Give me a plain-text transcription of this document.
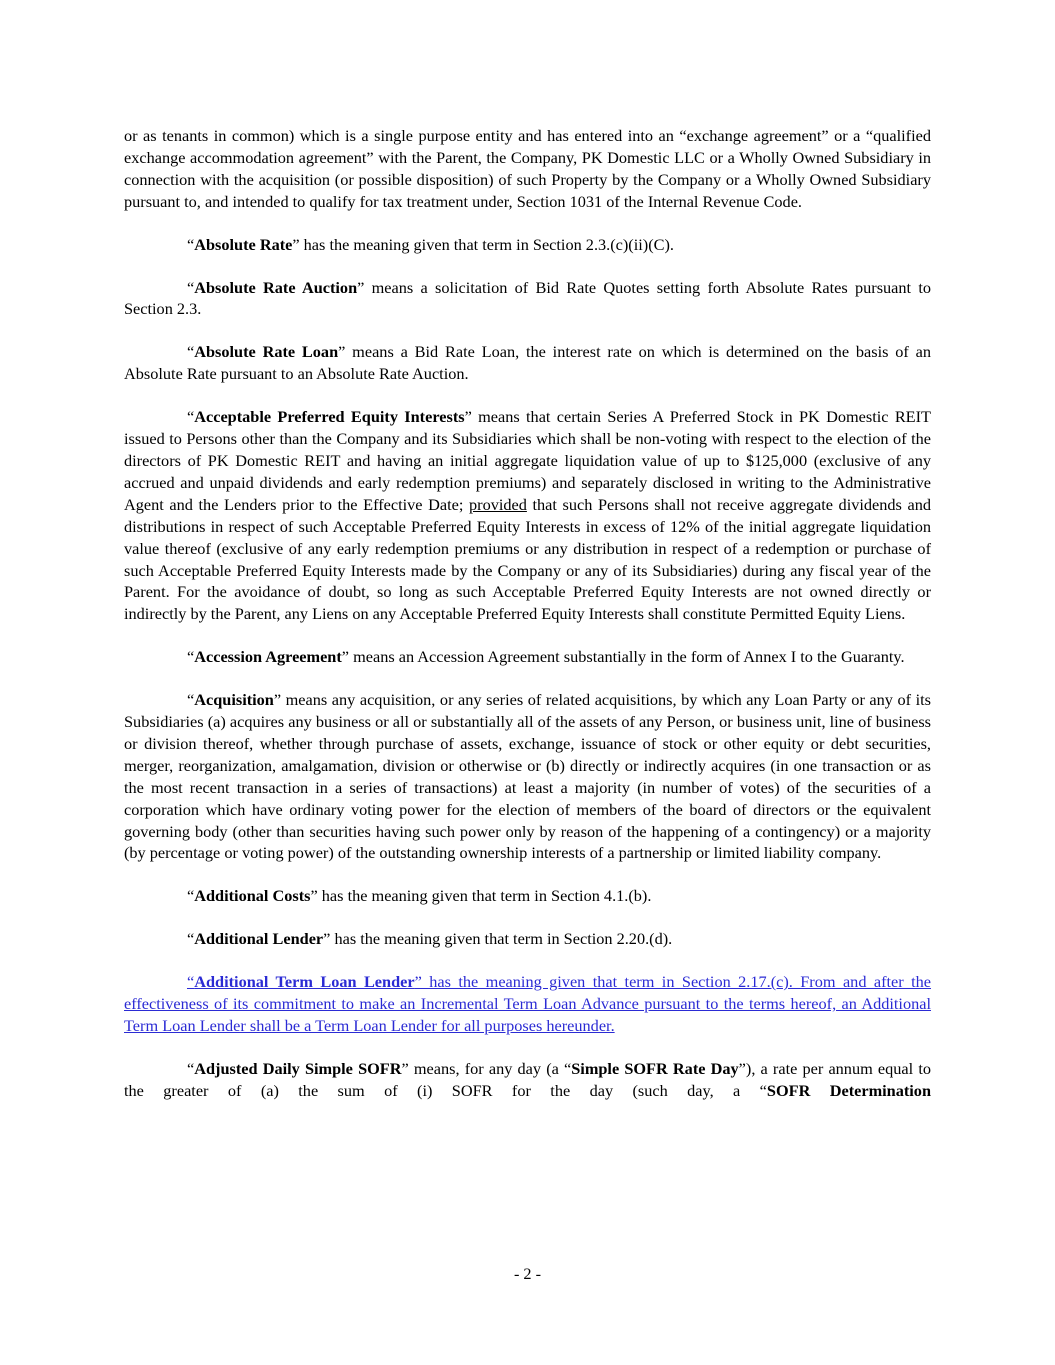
or as tenants in common) which is a single purpose entity and has entered into an “exchange agreement” or a “qualified exchange accommodation agreement” with the Parent, the Company, PK Domestic LLC or a Wholly Owned Subsidiary in connection with the acquisition (or possible disposition) of such Property by the Company or a Wholly Owned Subsidiary pursuant to, and intended to qualify for tax treatment under, Section 1031 of the Internal Revenue Code.

“Absolute Rate” has the meaning given that term in Section 2.3.(c)(ii)(C).

“Absolute Rate Auction” means a solicitation of Bid Rate Quotes setting forth Absolute Rates pursuant to Section 2.3.

“Absolute Rate Loan” means a Bid Rate Loan, the interest rate on which is determined on the basis of an Absolute Rate pursuant to an Absolute Rate Auction.

“Acceptable Preferred Equity Interests” means that certain Series A Preferred Stock in PK Domestic REIT issued to Persons other than the Company and its Subsidiaries which shall be non-voting with respect to the election of the directors of PK Domestic REIT and having an initial aggregate liquidation value of up to $125,000 (exclusive of any accrued and unpaid dividends and early redemption premiums) and separately disclosed in writing to the Administrative Agent and the Lenders prior to the Effective Date; provided that such Persons shall not receive aggregate dividends and distributions in respect of such Acceptable Preferred Equity Interests in excess of 12% of the initial aggregate liquidation value thereof (exclusive of any early redemption premiums or any distribution in respect of a redemption or purchase of such Acceptable Preferred Equity Interests made by the Company or any of its Subsidiaries) during any fiscal year of the Parent. For the avoidance of doubt, so long as such Acceptable Preferred Equity Interests are not owned directly or indirectly by the Parent, any Liens on any Acceptable Preferred Equity Interests shall constitute Permitted Equity Liens.

“Accession Agreement” means an Accession Agreement substantially in the form of Annex I to the Guaranty.

“Acquisition” means any acquisition, or any series of related acquisitions, by which any Loan Party or any of its Subsidiaries (a) acquires any business or all or substantially all of the assets of any Person, or business unit, line of business or division thereof, whether through purchase of assets, exchange, issuance of stock or other equity or debt securities, merger, reorganization, amalgamation, division or otherwise or (b) directly or indirectly acquires (in one transaction or as the most recent transaction in a series of transactions) at least a majority (in number of votes) of the securities of a corporation which have ordinary voting power for the election of members of the board of directors or the equivalent governing body (other than securities having such power only by reason of the happening of a contingency) or a majority (by percentage or voting power) of the outstanding ownership interests of a partnership or limited liability company.

“Additional Costs” has the meaning given that term in Section 4.1.(b).

“Additional Lender” has the meaning given that term in Section 2.20.(d).

“Additional Term Loan Lender” has the meaning given that term in Section 2.17.(c). From and after the effectiveness of its commitment to make an Incremental Term Loan Advance pursuant to the terms hereof, an Additional Term Loan Lender shall be a Term Loan Lender for all purposes hereunder.

“Adjusted Daily Simple SOFR” means, for any day (a “Simple SOFR Rate Day”), a rate per annum equal to the greater of (a) the sum of (i) SOFR for the day (such day, a “SOFR Determination

- 2 -
